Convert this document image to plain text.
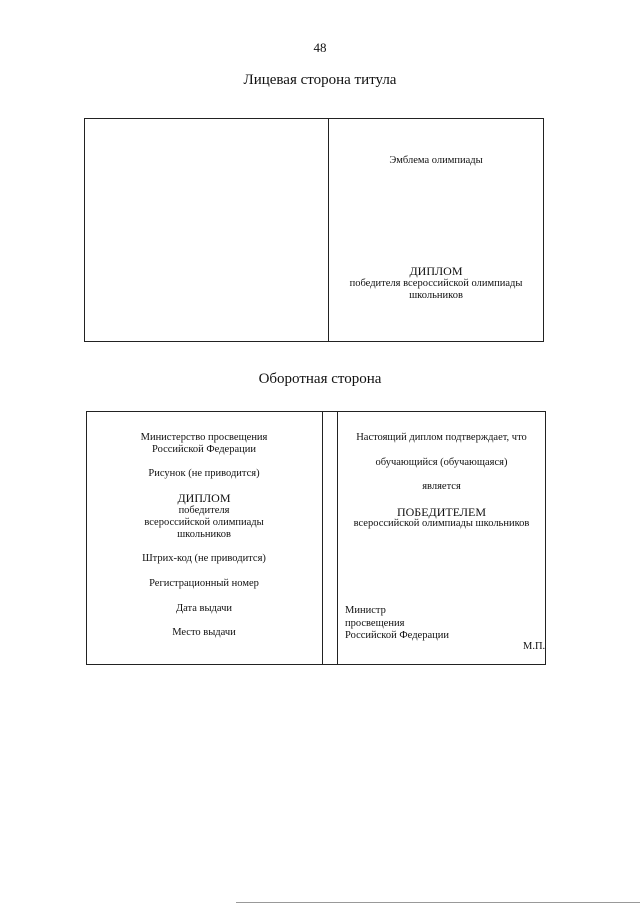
48
Лицевая сторона титула
Эмблема олимпиады
ДИПЛОМ
победителя всероссийской олимпиады
школьников
Оборотная сторона
Министерство просвещения
Российской Федерации
Рисунок (не приводится)
ДИПЛОМ
победителя
всероссийской олимпиады
школьников
Штрих-код (не приводится)
Регистрационный номер
Дата выдачи
Место выдачи
Настоящий диплом подтверждает, что
обучающийся (обучающаяся)
является
ПОБЕДИТЕЛЕМ
всероссийской олимпиады школьников
Министр
просвещения
Российской Федерации
М.П.
